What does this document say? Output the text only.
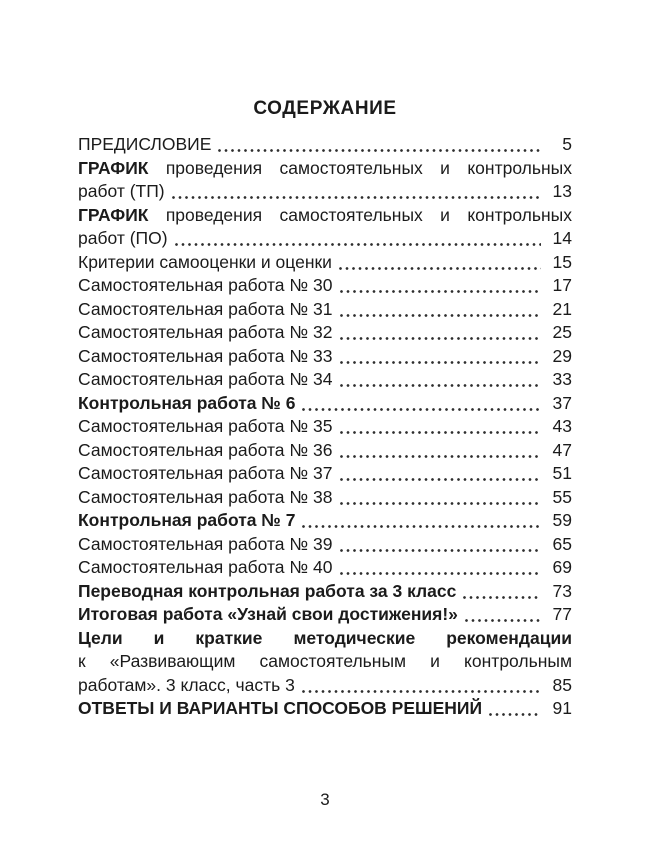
СОДЕРЖАНИЕ
ПРЕДИСЛОВИЕ	5
ГРАФИК проведения самостоятельных и контрольных
работ (ТП)	13
ГРАФИК проведения самостоятельных и контрольных
работ (ПО)	14
Критерии самооценки и оценки	15
Самостоятельная работа № 30	17
Самостоятельная работа № 31	21
Самостоятельная работа № 32	25
Самостоятельная работа № 33	29
Самостоятельная работа № 34	33
Контрольная работа № 6	37
Самостоятельная работа № 35	43
Самостоятельная работа № 36	47
Самостоятельная работа № 37	51
Самостоятельная работа № 38	55
Контрольная работа № 7	59
Самостоятельная работа № 39	65
Самостоятельная работа № 40	69
Переводная контрольная работа за 3 класс	73
Итоговая работа «Узнай свои достижения!»	77
Цели и краткие методические рекомендации
к «Развивающим самостоятельным и контрольным
работам». 3 класс, часть 3	85
ОТВЕТЫ И ВАРИАНТЫ СПОСОБОВ РЕШЕНИЙ	91
3
